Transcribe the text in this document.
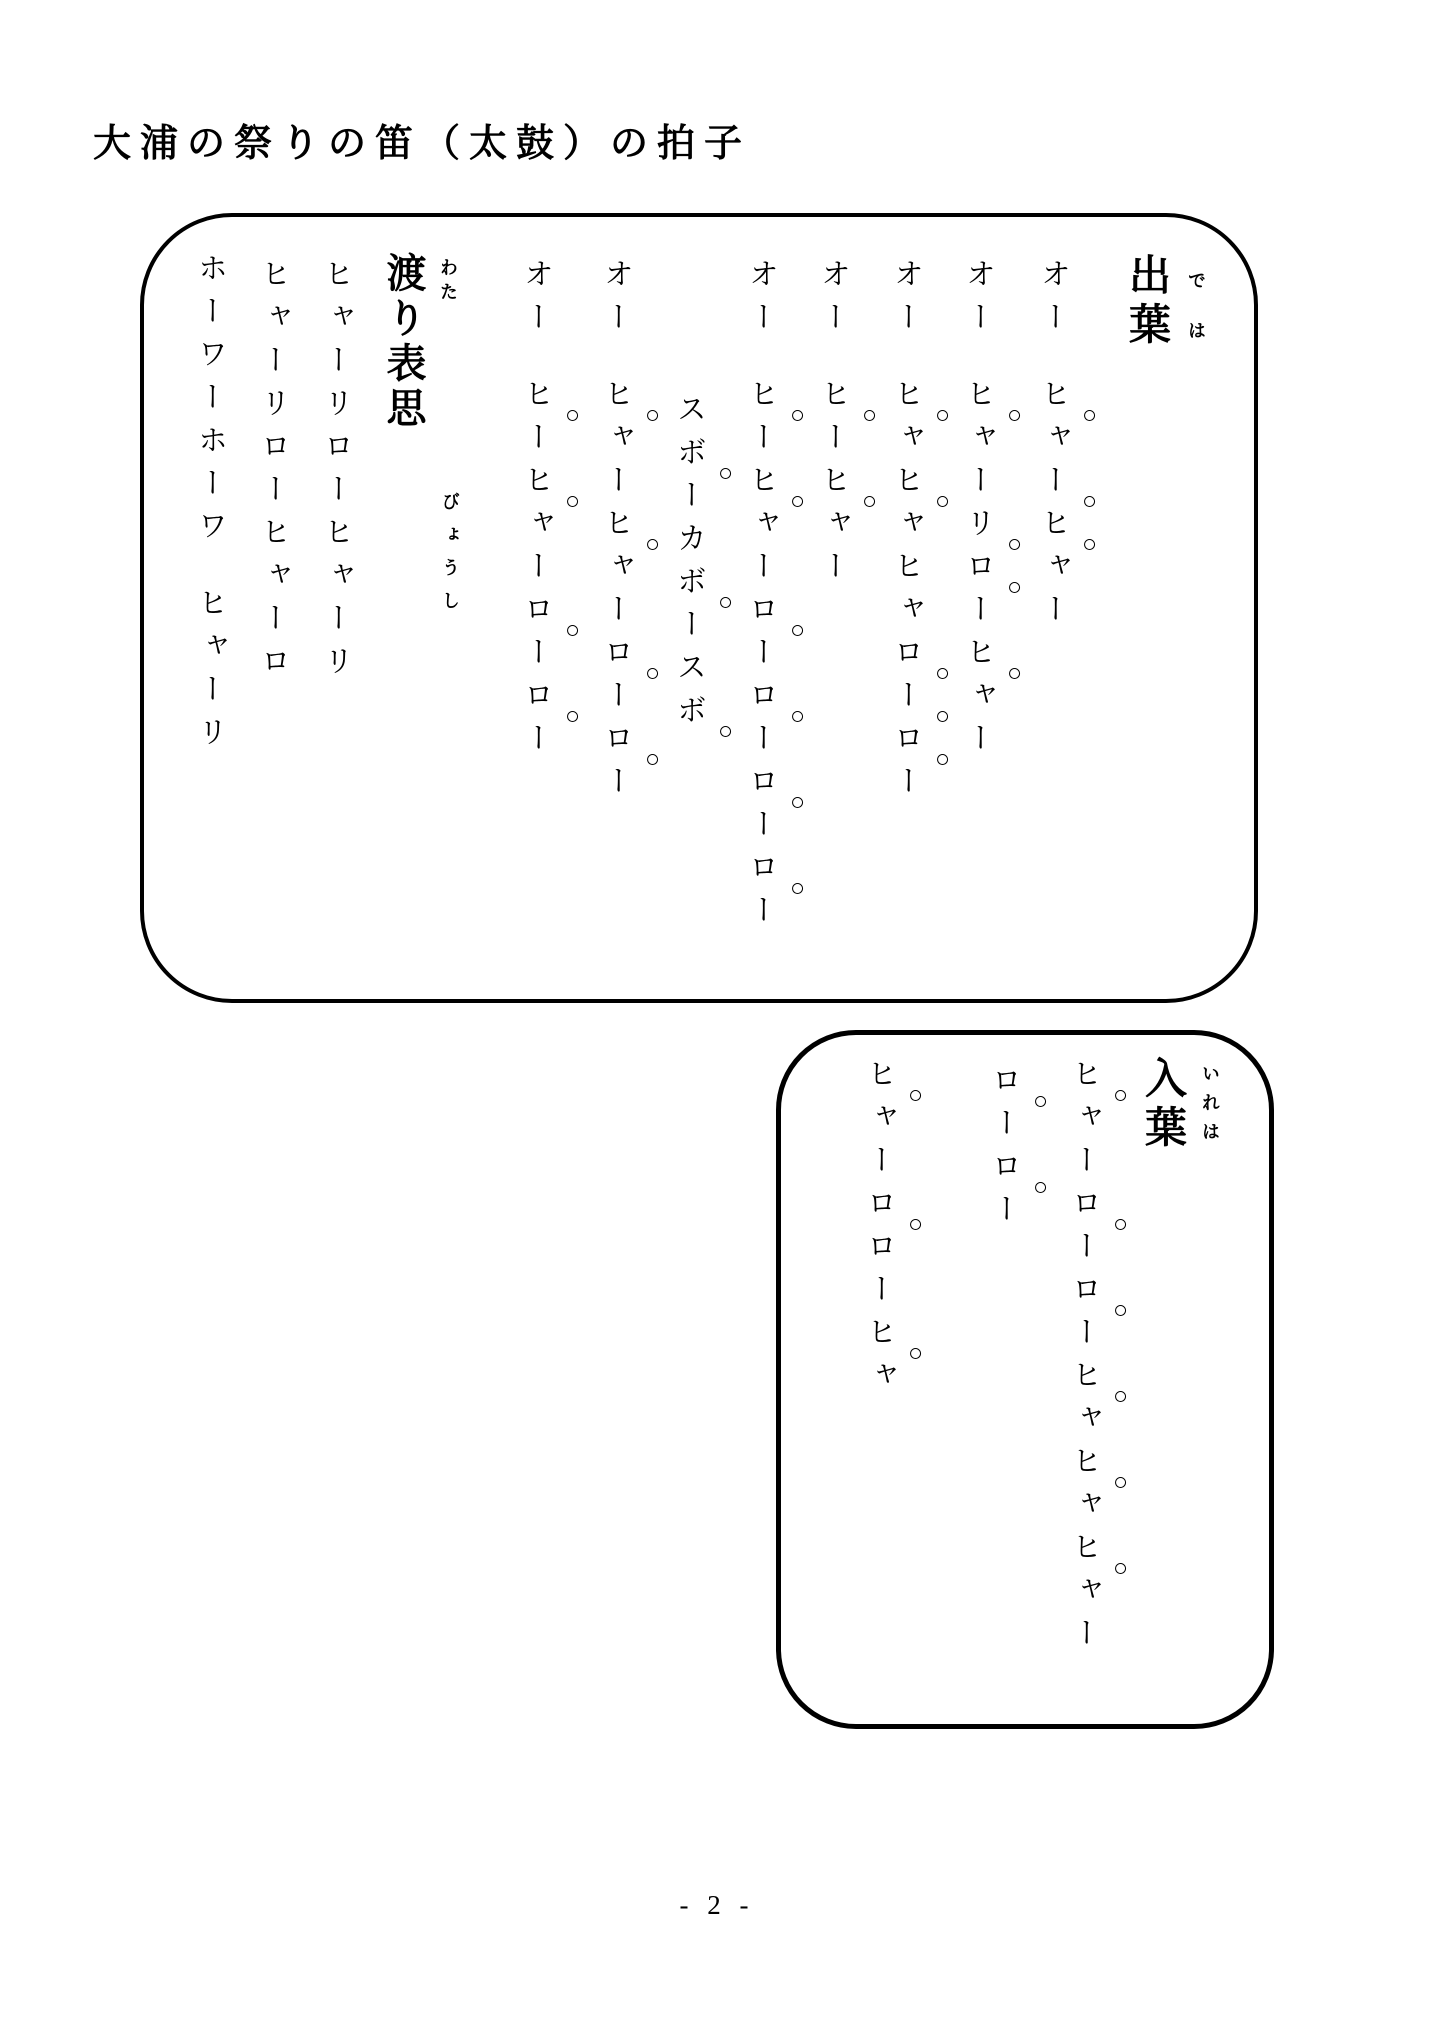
大浦の祭りの笛（太鼓）の拍子
出葉 では
渡り表思 わた
びょうし
オーヒ ○
ャー ○
ヒ ○
ャー
オーヒ ○
ャーリ ○
ロ ○
ーヒ ○
ャー
オーヒ ○
ャヒ ○
ャヒャロ ○
ー ○
ロ ○
ー
オーヒ ○
ーヒ ○
ャー
オーヒ ○
ーヒ ○
ャーロ ○
ーロ ○
ーロ ○
ーロ ○
ー
スボ ○
ーカボ ○
ースボ ○
オーヒ ○
ャーヒ ○
ャーロ ○
ーロ ○
ー
オーヒ ○
ーヒ ○
ャーロ ○
ーロ ○
ー
ヒャーリローヒャーリ
ヒャーリローヒャーロ
ホーワーホーワヒャーリ
入葉 いれは
ヒ ○
ャーロ ○
ーロ ○
ーヒ ○
ャヒ ○
ャヒ ○
ャー
ロ ○
ーロ ○
ー
ヒ ○
ャーロ ○
ローヒ ○
ャ
- 2 -
